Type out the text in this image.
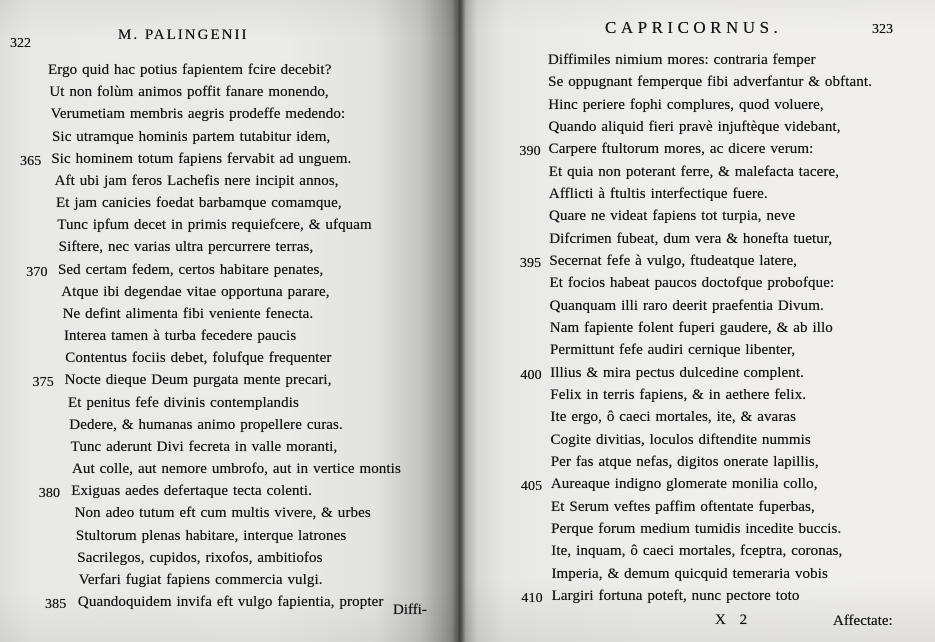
322
M. PALINGENII
Ergo quid hac potius fapientem fcire decebit?
Ut non folùm animos poffit fanare monendo,
Verumetiam membris aegris prodeffe medendo:
Sic utramque hominis partem tutabitur idem,
Sic hominem totum fapiens fervabit ad unguem.
365
Aft ubi jam feros Lachefis nere incipit annos,
Et jam canicies foedat barbamque comamque,
Tunc ipfum decet in primis requiefcere, & ufquam
Siftere, nec varias ultra percurrere terras,
Sed certam fedem, certos habitare penates,
370
Atque ibi degendae vitae opportuna parare,
Ne defint alimenta fibi veniente fenecta.
Interea tamen à turba fecedere paucis
Contentus fociis debet, folufque frequenter
Nocte dieque Deum purgata mente precari,
375
Et penitus fefe divinis contemplandis
Dedere, & humanas animo propellere curas.
Tunc aderunt Divi fecreta in valle moranti,
Aut colle, aut nemore umbrofo, aut in vertice montis
Exiguas aedes defertaque tecta colenti.
380
Non adeo tutum eft cum multis vivere, & urbes
Stultorum plenas habitare, interque latrones
Sacrilegos, cupidos, rixofos, ambitiofos
Verfari fugiat fapiens commercia vulgi.
Quandoquidem invifa eft vulgo fapientia, propter
385	Diffi-
CAPRICORNUS.	323
Diffimiles nimium mores: contraria femper
Se oppugnant femperque fibi adverfantur & obftant.
Hinc periere fophi complures, quod voluere,
Quando aliquid fieri pravè injuftèque videbant,
Carpere ftultorum mores, ac dicere verum:
390
Et quia non poterant ferre, & malefacta tacere,
Afflicti à ftultis interfectique fuere.
Quare ne videat fapiens tot turpia, neve
Difcrimen fubeat, dum vera & honefta tuetur,
Secernat fefe à vulgo, ftudeatque latere,
395
Et focios habeat paucos doctofque probofque:
Quanquam illi raro deerit praefentia Divum.
Nam fapiente folent fuperi gaudere, & ab illo
Permittunt fefe audiri cernique libenter,
Illius & mira pectus dulcedine complent.
400
Felix in terris fapiens, & in aethere felix.
Ite ergo, ô caeci mortales, ite, & avaras
Cogite divitias, loculos diftendite nummis
Per fas atque nefas, digitos onerate lapillis,
Aureaque indigno glomerate monilia collo,
405
Et Serum veftes paffim oftentate fuperbas,
Perque forum medium tumidis incedite buccis.
Ite, inquam, ô caeci mortales, fceptra, coronas,
Imperia, & demum quicquid temeraria vobis
Largiri fortuna poteft, nunc pectore toto
410
X 2	Affectate:
